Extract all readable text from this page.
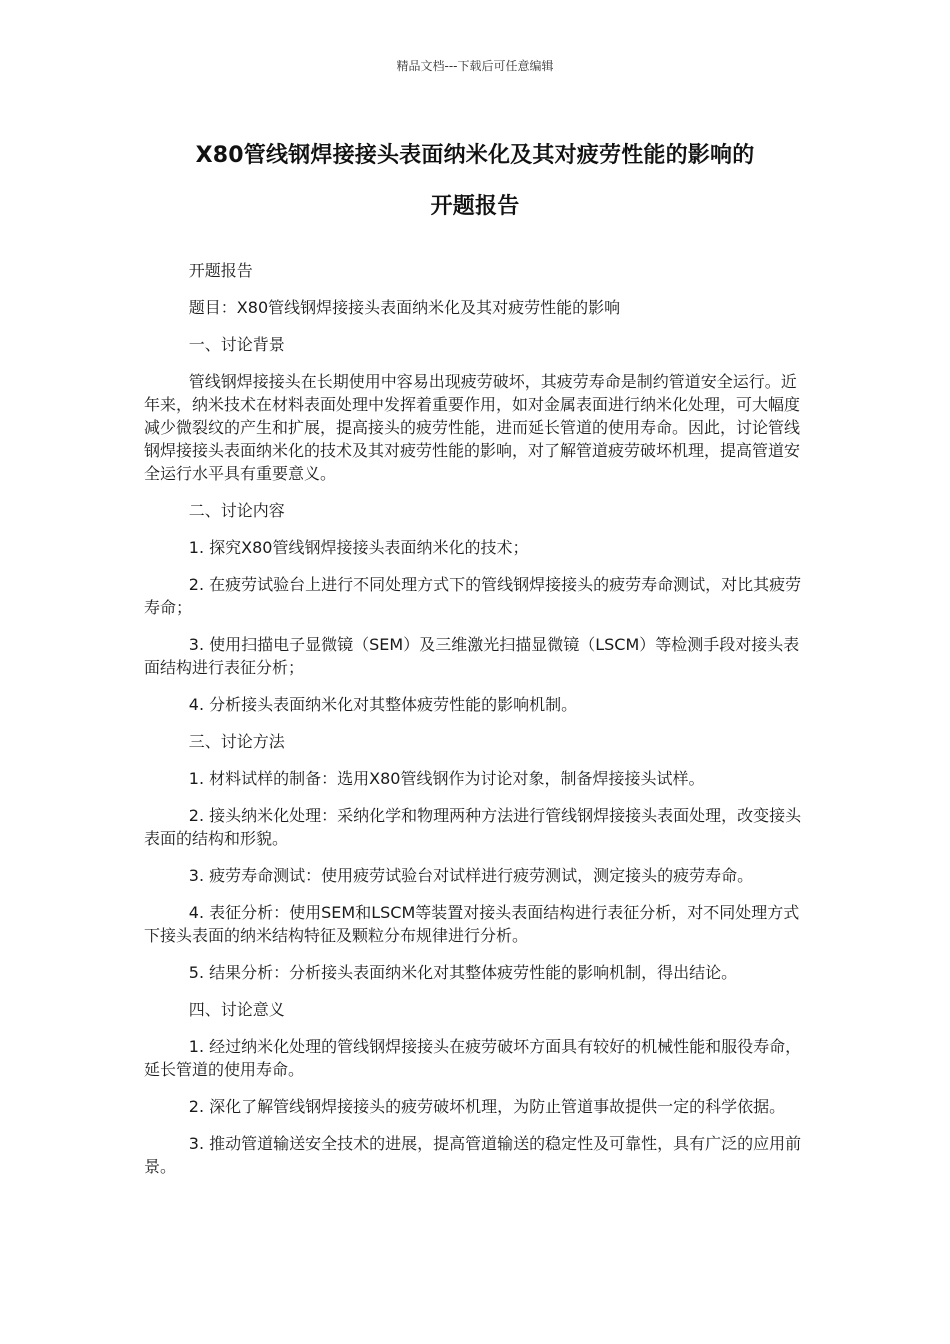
精品文档---下载后可任意编辑
X80管线钢焊接接头表面纳米化及其对疲劳性能的影响的
开题报告

开题报告

题目：X80管线钢焊接接头表面纳米化及其对疲劳性能的影响

一、讨论背景

管线钢焊接接头在长期使用中容易出现疲劳破坏，其疲劳寿命是制约管道安全运行。近年来，纳米技术在材料表面处理中发挥着重要作用，如对金属表面进行纳米化处理，可大幅度减少微裂纹的产生和扩展，提高接头的疲劳性能，进而延长管道的使用寿命。因此，讨论管线钢焊接接头表面纳米化的技术及其对疲劳性能的影响，对了解管道疲劳破坏机理，提高管道安全运行水平具有重要意义。

二、讨论内容

1. 探究X80管线钢焊接接头表面纳米化的技术；

2. 在疲劳试验台上进行不同处理方式下的管线钢焊接接头的疲劳寿命测试，对比其疲劳寿命；

3. 使用扫描电子显微镜（SEM）及三维激光扫描显微镜（LSCM）等检测手段对接头表面结构进行表征分析；

4. 分析接头表面纳米化对其整体疲劳性能的影响机制。

三、讨论方法

1. 材料试样的制备：选用X80管线钢作为讨论对象，制备焊接接头试样。

2. 接头纳米化处理：采纳化学和物理两种方法进行管线钢焊接接头表面处理，改变接头表面的结构和形貌。

3. 疲劳寿命测试：使用疲劳试验台对试样进行疲劳测试，测定接头的疲劳寿命。

4. 表征分析：使用SEM和LSCM等装置对接头表面结构进行表征分析，对不同处理方式下接头表面的纳米结构特征及颗粒分布规律进行分析。

5. 结果分析：分析接头表面纳米化对其整体疲劳性能的影响机制，得出结论。

四、讨论意义

1. 经过纳米化处理的管线钢焊接接头在疲劳破坏方面具有较好的机械性能和服役寿命，延长管道的使用寿命。

2. 深化了解管线钢焊接接头的疲劳破坏机理，为防止管道事故提供一定的科学依据。

3. 推动管道输送安全技术的进展，提高管道输送的稳定性及可靠性，具有广泛的应用前景。
